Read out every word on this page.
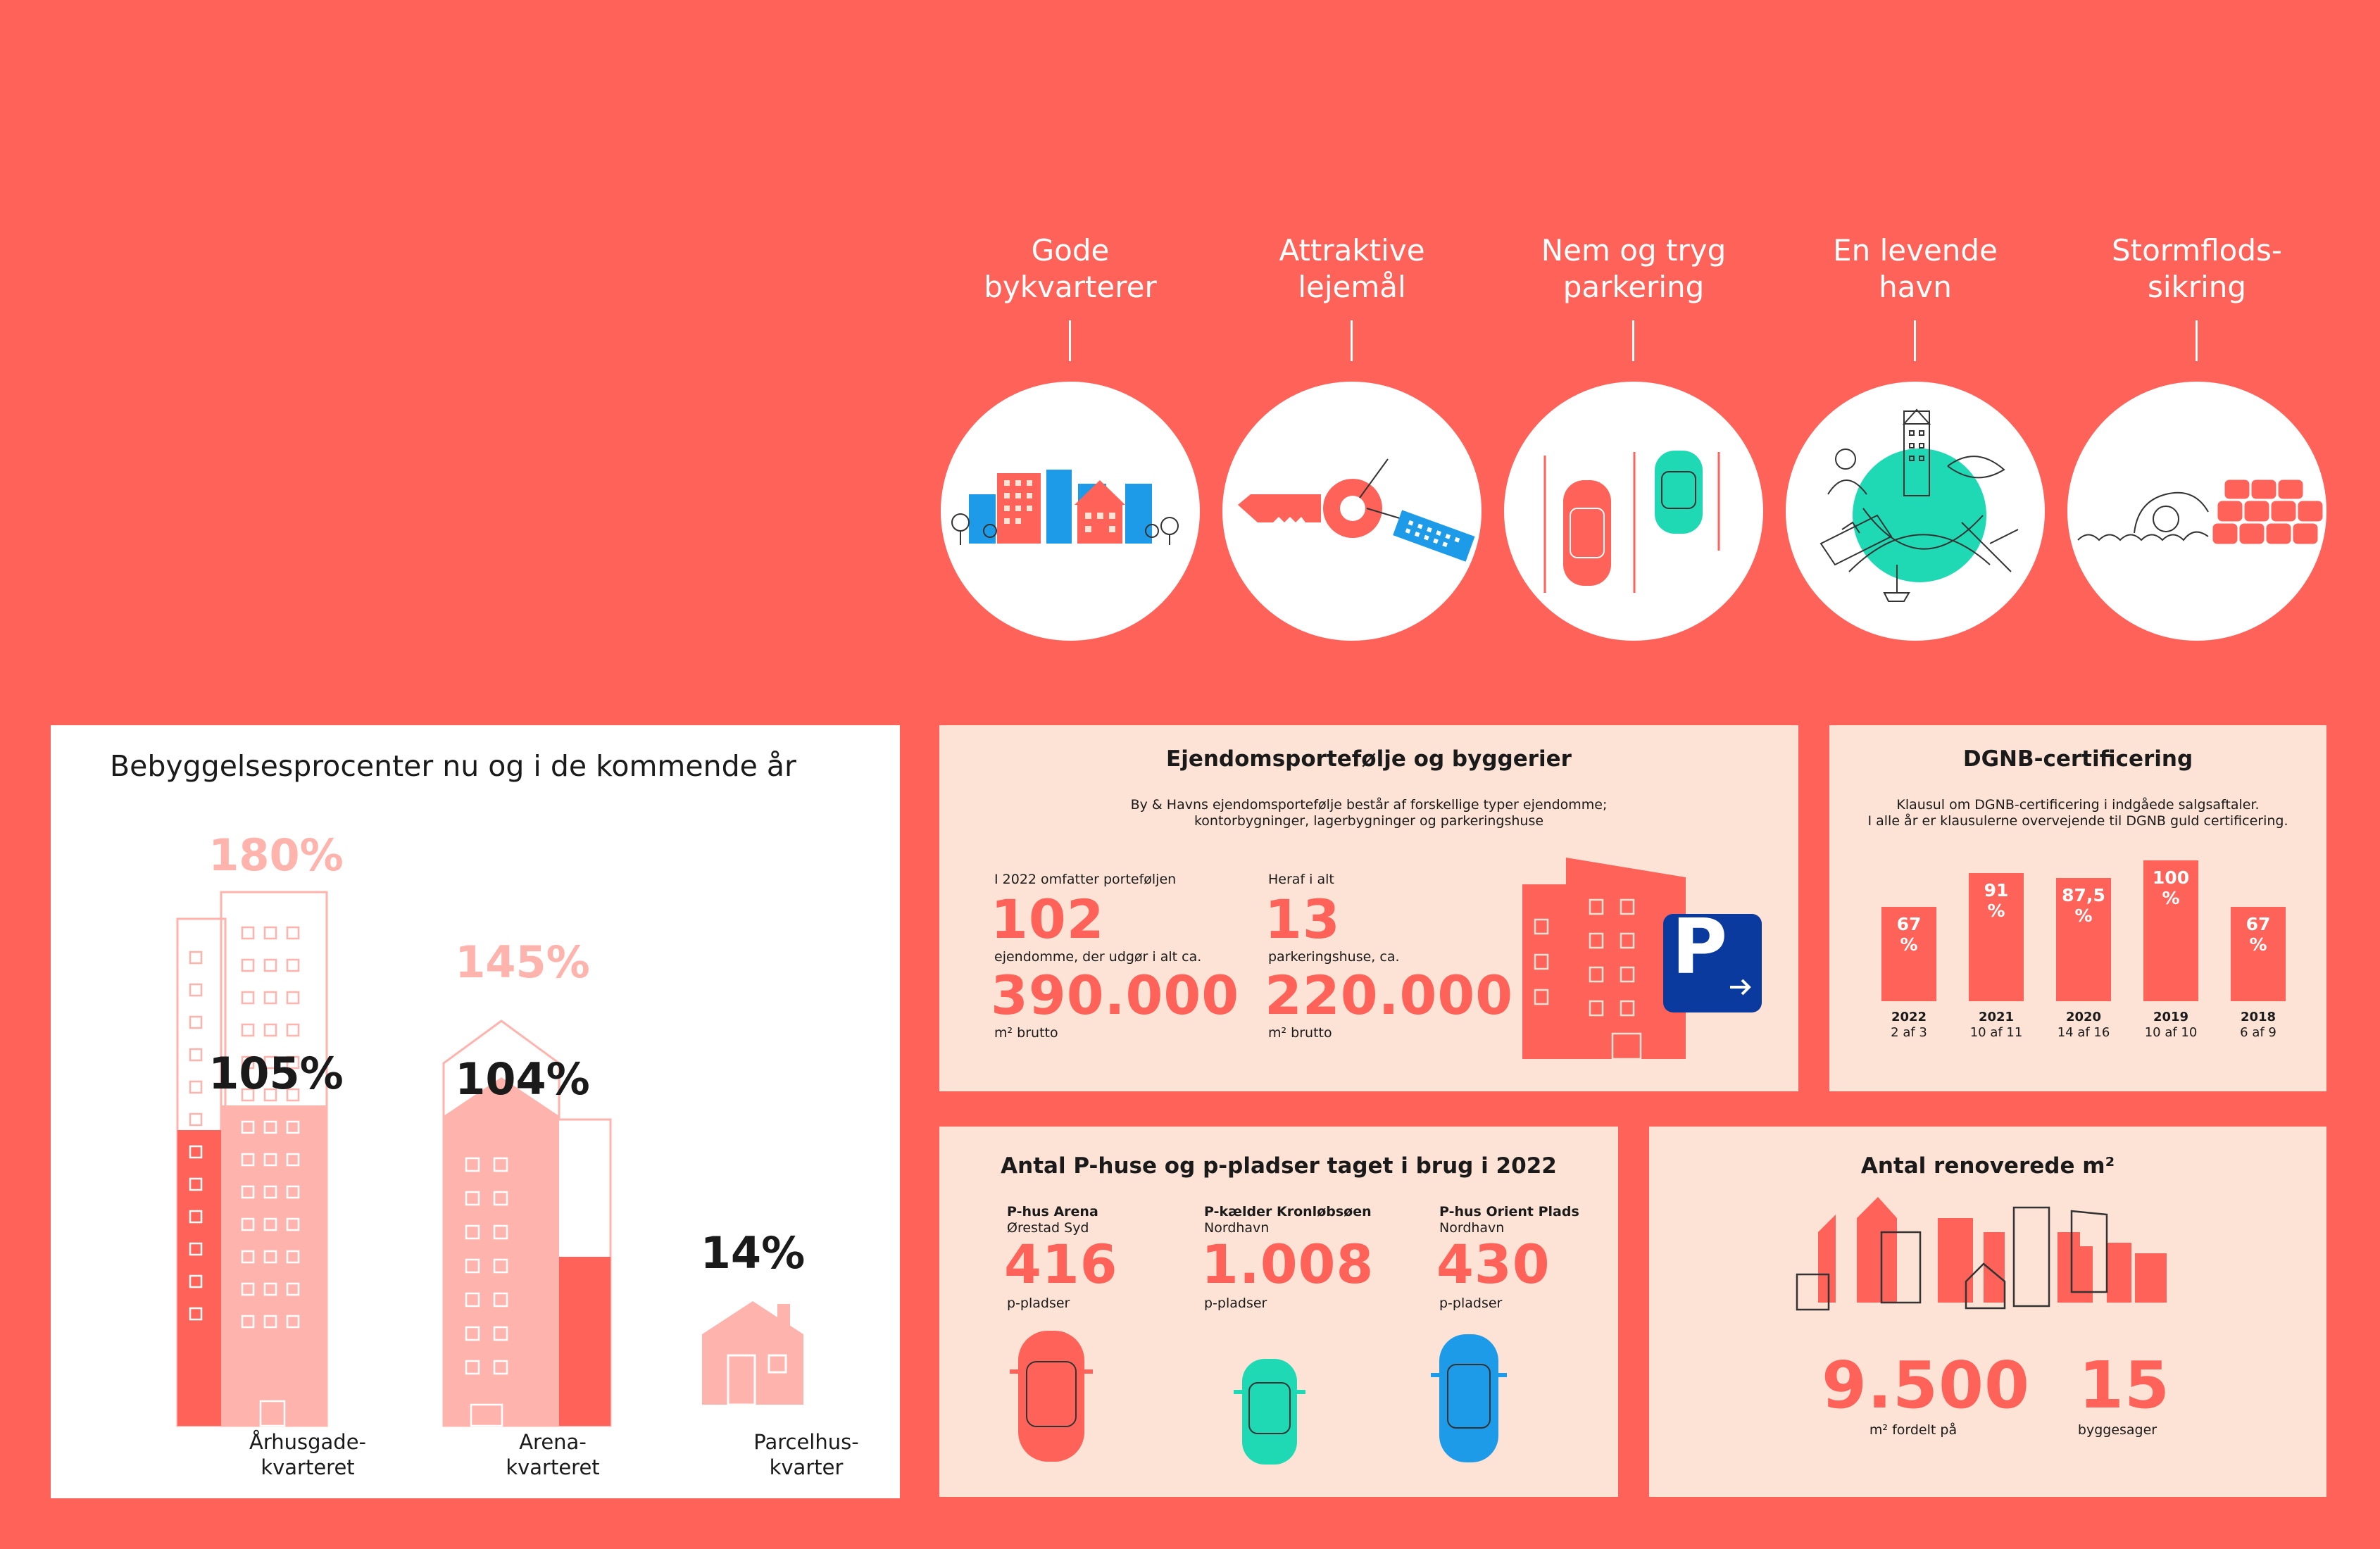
Gode
bykvarterer
Attraktive
lejemål
Nem og tryg
parkering
En levende
havn
Stormflods-
sikring
Bebyggelsesprocenter nu og i de kommende år
180%
105%
145%
104%
14%
Århusgade-
kvarteret
Arena-
kvarteret
Parcelhus-
kvarter
Ejendomsportefølje og byggerier
By & Havns ejendomsportefølje består af forskellige typer ejendomme;
kontorbygninger, lagerbygninger og parkeringshuse
I 2022 omfatter porteføljen
102
ejendomme, der udgør i alt ca.
390.000
m² brutto
Heraf i alt
13
parkeringshuse, ca.
220.000
m² brutto
P
DGNB-certificering
Klausul om DGNB-certificering i indgåede salgsaftaler.
I alle år er klausulerne overvejende til DGNB guld certificering.
67
%
2022
2 af 3
91
%
2021
10 af 11
87,5
%
2020
14 af 16
100
%
2019
10 af 10
67
%
2018
6 af 9
Antal P-huse og p-pladser taget i brug i 2022
P-hus Arena
Ørestad Syd
416
p-pladser
P-kælder Kronløbsøen
Nordhavn
1.008
p-pladser
P-hus Orient Plads
Nordhavn
430
p-pladser
Antal renoverede m²
9.500
m² fordelt på
15
byggesager
